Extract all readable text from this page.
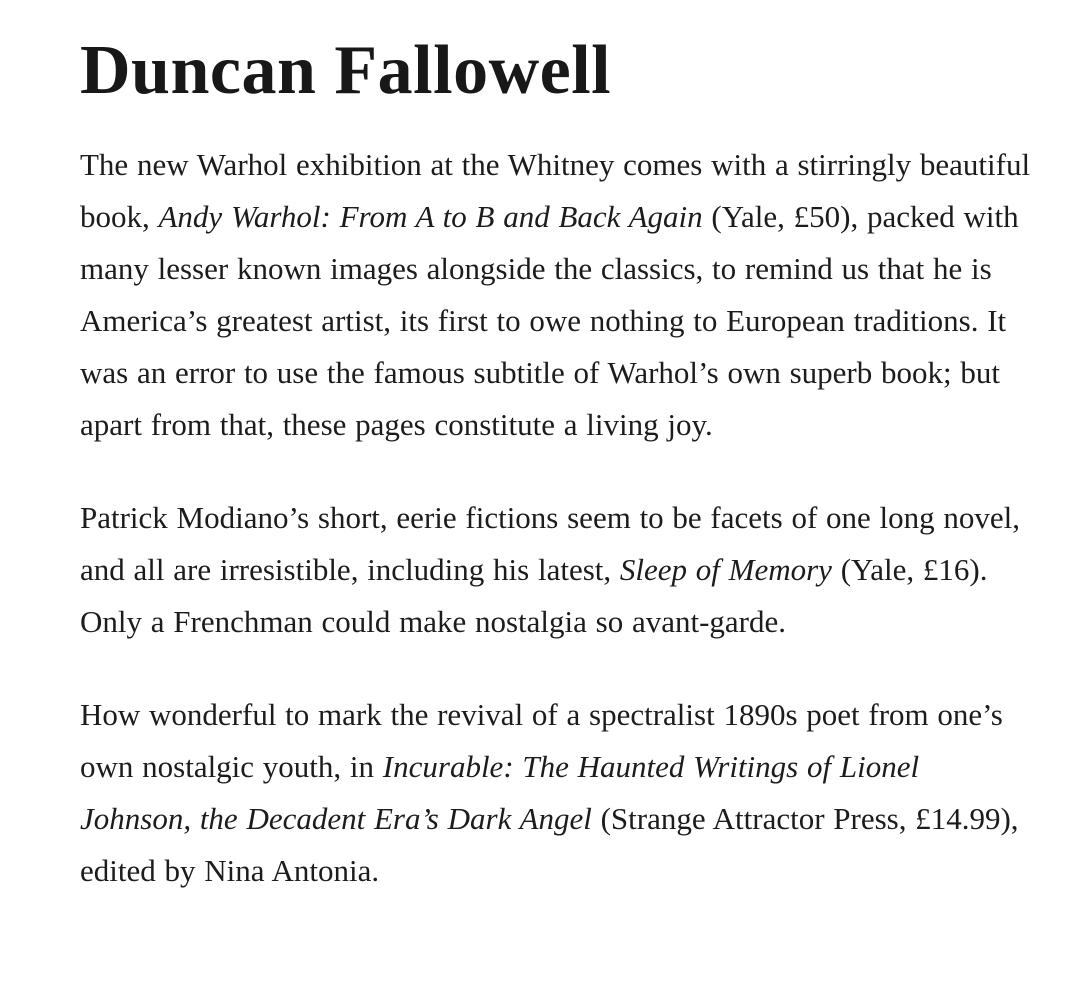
Duncan Fallowell

The new Warhol exhibition at the Whitney comes with a stirringly beautiful book, Andy Warhol: From A to B and Back Again (Yale, £50), packed with many lesser known images alongside the classics, to remind us that he is America’s greatest artist, its first to owe nothing to European traditions. It was an error to use the famous subtitle of Warhol’s own superb book; but apart from that, these pages constitute a living joy.

Patrick Modiano’s short, eerie fictions seem to be facets of one long novel, and all are irresistible, including his latest, Sleep of Memory (Yale, £16). Only a Frenchman could make nostalgia so avant-garde.

How wonderful to mark the revival of a spectralist 1890s poet from one’s own nostalgic youth, in Incurable: The Haunted Writings of Lionel Johnson, the Decadent Era’s Dark Angel (Strange Attractor Press, £14.99), edited by Nina Antonia.
